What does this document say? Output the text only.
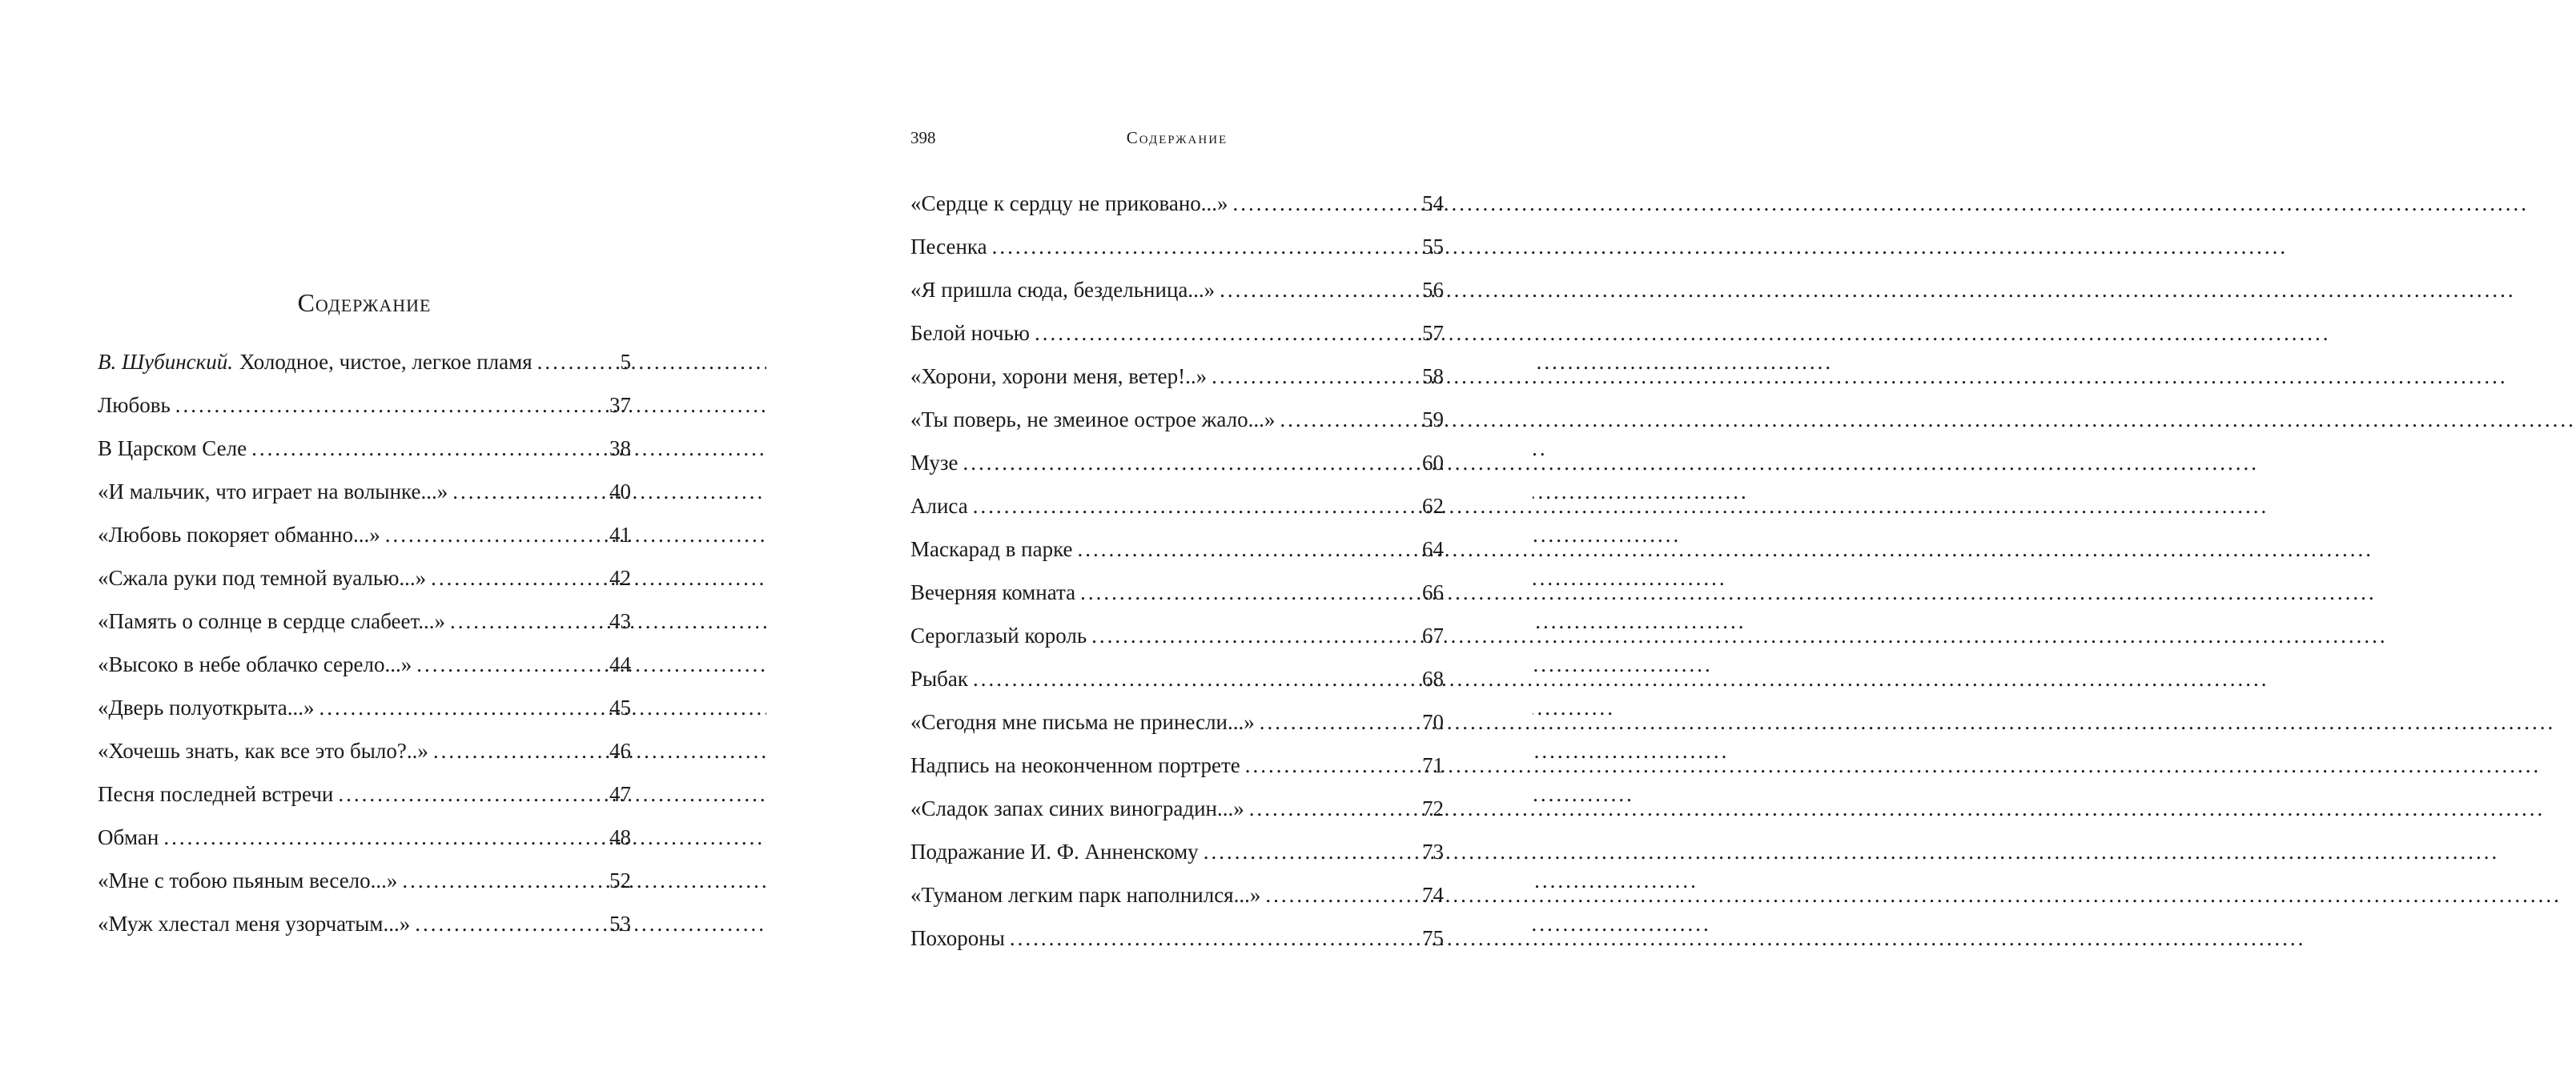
Содержание
В. Шубинский. Холодное, чистое, легкое пламя .....	5
Любовь .....	37
В Царском Селе .....	38
«И мальчик, что играет на волынке...» .....	40
«Любовь покоряет обманно...» .....	41
«Сжала руки под темной вуалью...» .....	42
«Память о солнце в сердце слабеет...» .....	43
«Высоко в небе облачко серело...» .....	44
«Дверь полуоткрыта...» .....	45
«Хочешь знать, как все это было?..» .....	46
Песня последней встречи .....	47
Обман .....	48
«Мне с тобою пьяным весело...» .....	52
«Муж хлестал меня узорчатым...» .....	53
398	Содержание
«Сердце к сердцу не приковано...» .....	54
Песенка .....	55
«Я пришла сюда, бездельница...» .....	56
Белой ночью .....	57
«Хорони, хорони меня, ветер!..» .....	58
«Ты поверь, не змеиное острое жало...» .....	59
Музе .....	60
Алиса .....	62
Маскарад в парке .....	64
Вечерняя комната .....	66
Сероглазый король .....	67
Рыбак .....	68
«Сегодня мне письма не принесли...» .....	70
Надпись на неоконченном портрете .....	71
«Сладок запах синих виноградин...» .....	72
Подражание И. Ф. Анненскому .....	73
«Туманом легким парк наполнился...» .....	74
Похороны .....	75
